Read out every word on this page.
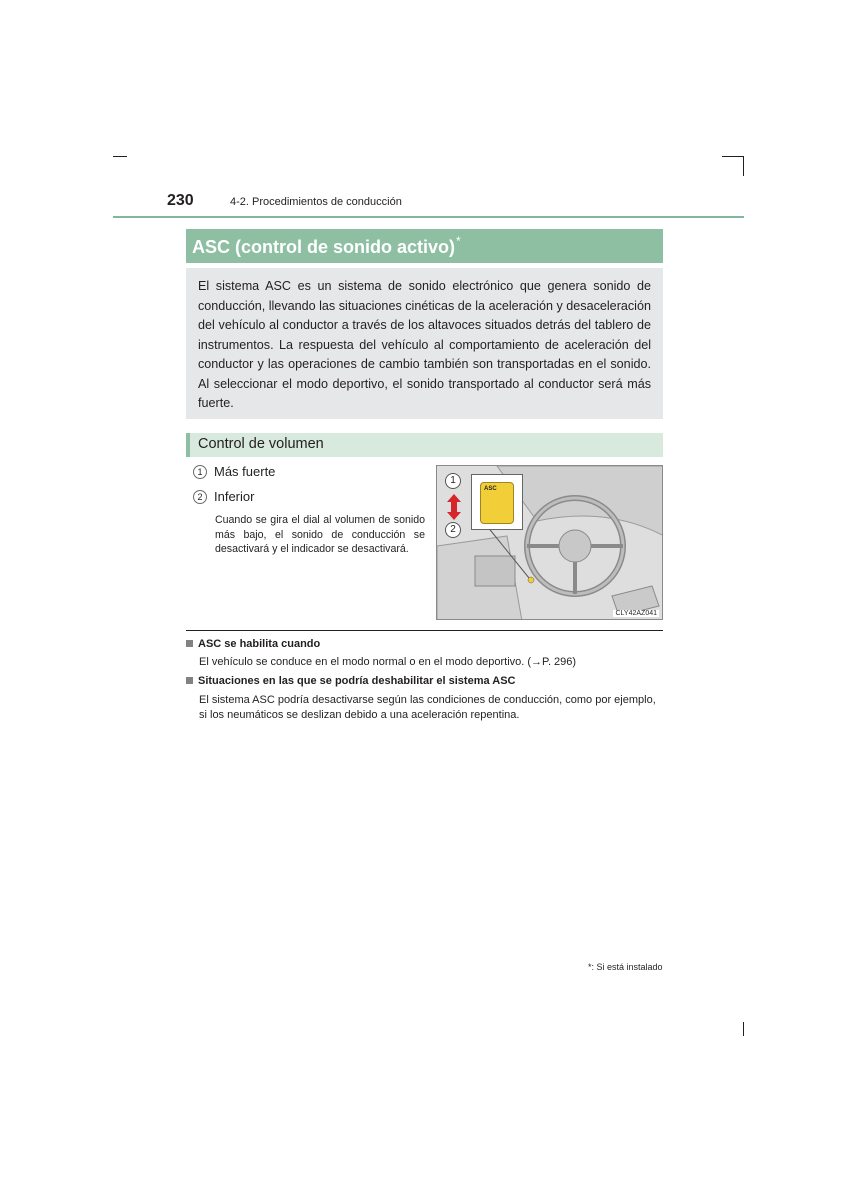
230	4-2. Procedimientos de conducción
ASC (control de sonido activo)*

El sistema ASC es un sistema de sonido electrónico que genera sonido de conducción, llevando las situaciones cinéticas de la aceleración y desaceleración del vehículo al conductor a través de los altavoces situados detrás del tablero de instrumentos. La respuesta del vehículo al comportamiento de aceleración del conductor y las operaciones de cambio también son transportadas en el sonido. Al seleccionar el modo deportivo, el sonido transportado al conductor será más fuerte.

Control de volumen
1 Más fuerte
2 Inferior

Cuando se gira el dial al volumen de sonido más bajo, el sonido de conducción se desactivará y el indicador se desactivará.

1
2
ASC
CLY42AZ041
ASC se habilita cuando

El vehículo se conduce en el modo normal o en el modo deportivo. (→P. 296)

Situaciones en las que se podría deshabilitar el sistema ASC

El sistema ASC podría desactivarse según las condiciones de conducción, como por ejemplo, si los neumáticos se deslizan debido a una aceleración repentina.

*: Si está instalado
